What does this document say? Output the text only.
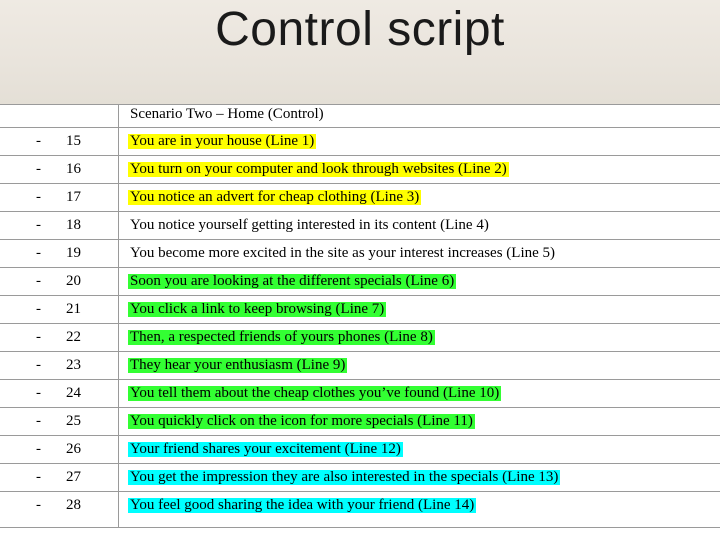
Control script
Scenario Two – Home (Control)
- 15	You are in your house (Line 1)
- 16	You turn on your computer and look through websites (Line 2)
- 17	You notice an advert for cheap clothing (Line 3)
- 18	You notice yourself getting interested in its content (Line 4)
- 19	You become more excited in the site as your interest increases (Line 5)
- 20	Soon you are looking at the different specials (Line 6)
- 21	You click a link to keep browsing (Line 7)
- 22	Then, a respected friends of yours phones (Line 8)
- 23	They hear your enthusiasm (Line 9)
- 24	You tell them about the cheap clothes you’ve found (Line 10)
- 25	You quickly click on the icon for more specials (Line 11)
- 26	Your friend shares your excitement (Line 12)
- 27	You get the impression they are also interested in the specials (Line 13)
- 28	You feel good sharing the idea with your friend (Line 14)
